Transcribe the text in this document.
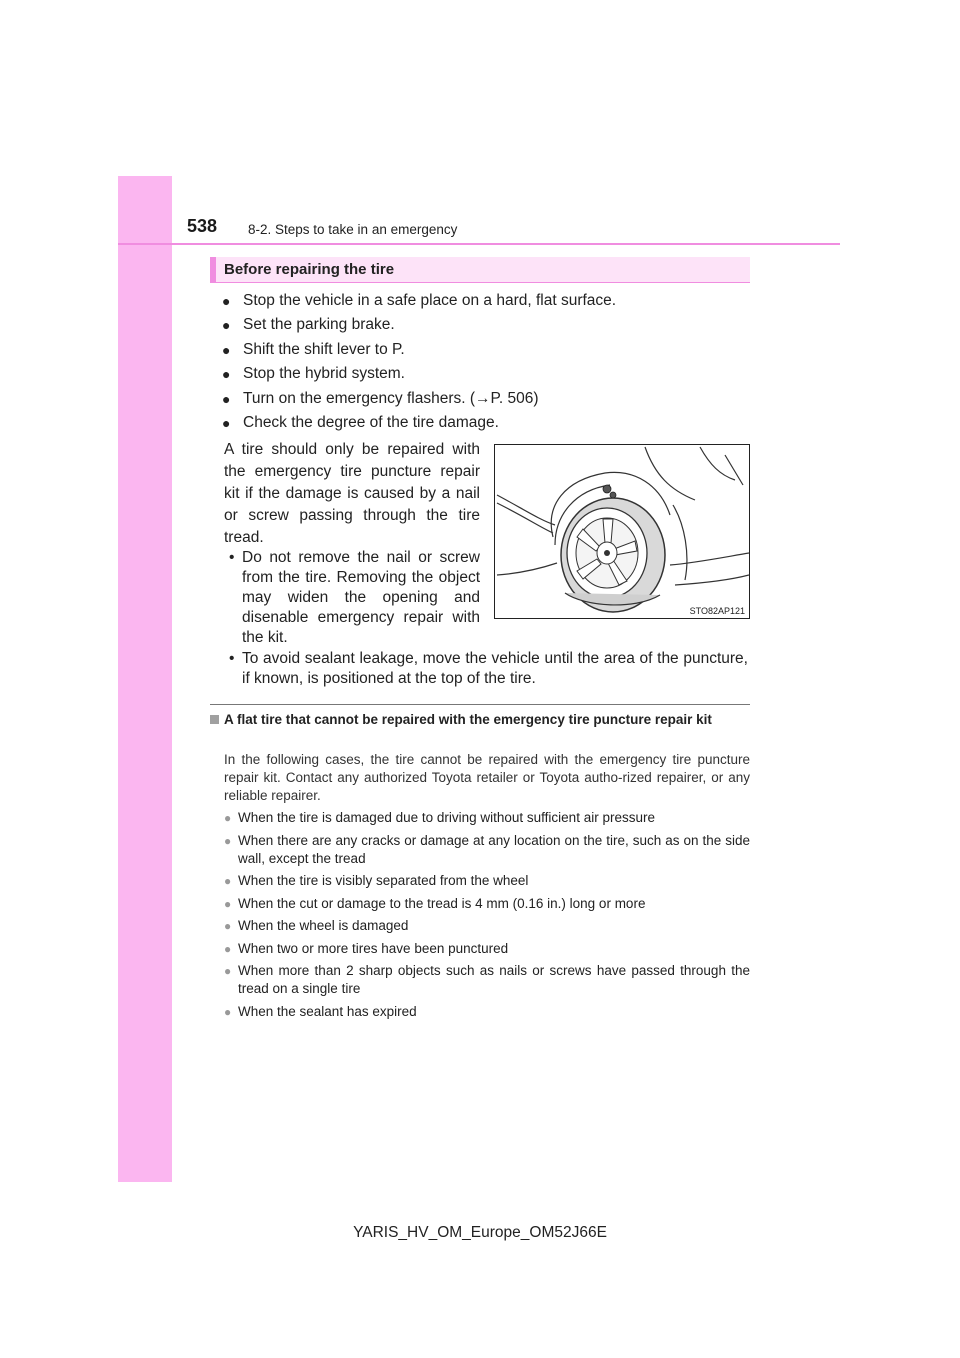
538 8-2. Steps to take in an emergency
Before repairing the tire
● Stop the vehicle in a safe place on a hard, flat surface.
● Set the parking brake.
● Shift the shift lever to P.
● Stop the hybrid system.
● Turn on the emergency flashers. (→P. 506)
● Check the degree of the tire damage.
A tire should only be repaired with the emergency tire puncture repair kit if the damage is caused by a nail or screw passing through the tire tread.
• Do not remove the nail or screw from the tire. Removing the object may widen the opening and disenable emergency repair with the kit.
• To avoid sealant leakage, move the vehicle until the area of the puncture, if known, is positioned at the top of the tire.
STO82AP121
A flat tire that cannot be repaired with the emergency tire puncture repair kit
In the following cases, the tire cannot be repaired with the emergency tire puncture repair kit. Contact any authorized Toyota retailer or Toyota autho-rized repairer, or any reliable repairer.
● When the tire is damaged due to driving without sufficient air pressure
● When there are any cracks or damage at any location on the tire, such as on the side wall, except the tread
● When the tire is visibly separated from the wheel
● When the cut or damage to the tread is 4 mm (0.16 in.) long or more
● When the wheel is damaged
● When two or more tires have been punctured
● When more than 2 sharp objects such as nails or screws have passed through the tread on a single tire
● When the sealant has expired
YARIS_HV_OM_Europe_OM52J66E
